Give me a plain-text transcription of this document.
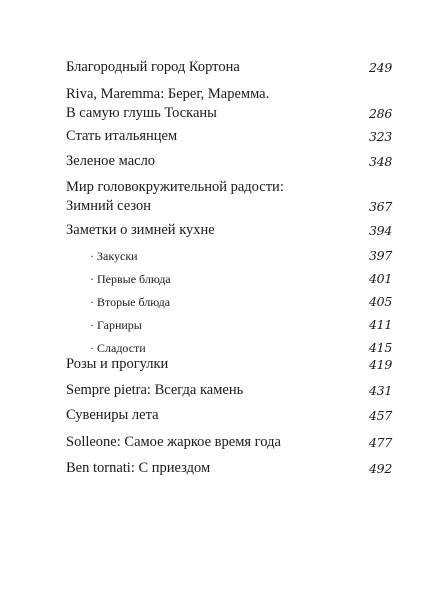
Благородный город Кортона	249
Riva, Maremma: Берег, Маремма.
В самую глушь Тосканы	286
Стать итальянцем	323
Зеленое масло	348
Мир головокружительной радости:
Зимний сезон	367
Заметки о зимней кухне	394
· Закуски	397
· Первые блюда	401
· Вторые блюда	405
· Гарниры	411
· Сладости	415
Розы и прогулки	419
Sempre pietra: Всегда камень	431
Сувениры лета	457
Solleone: Самое жаркое время года	477
Ben tornati: С приездом	492
